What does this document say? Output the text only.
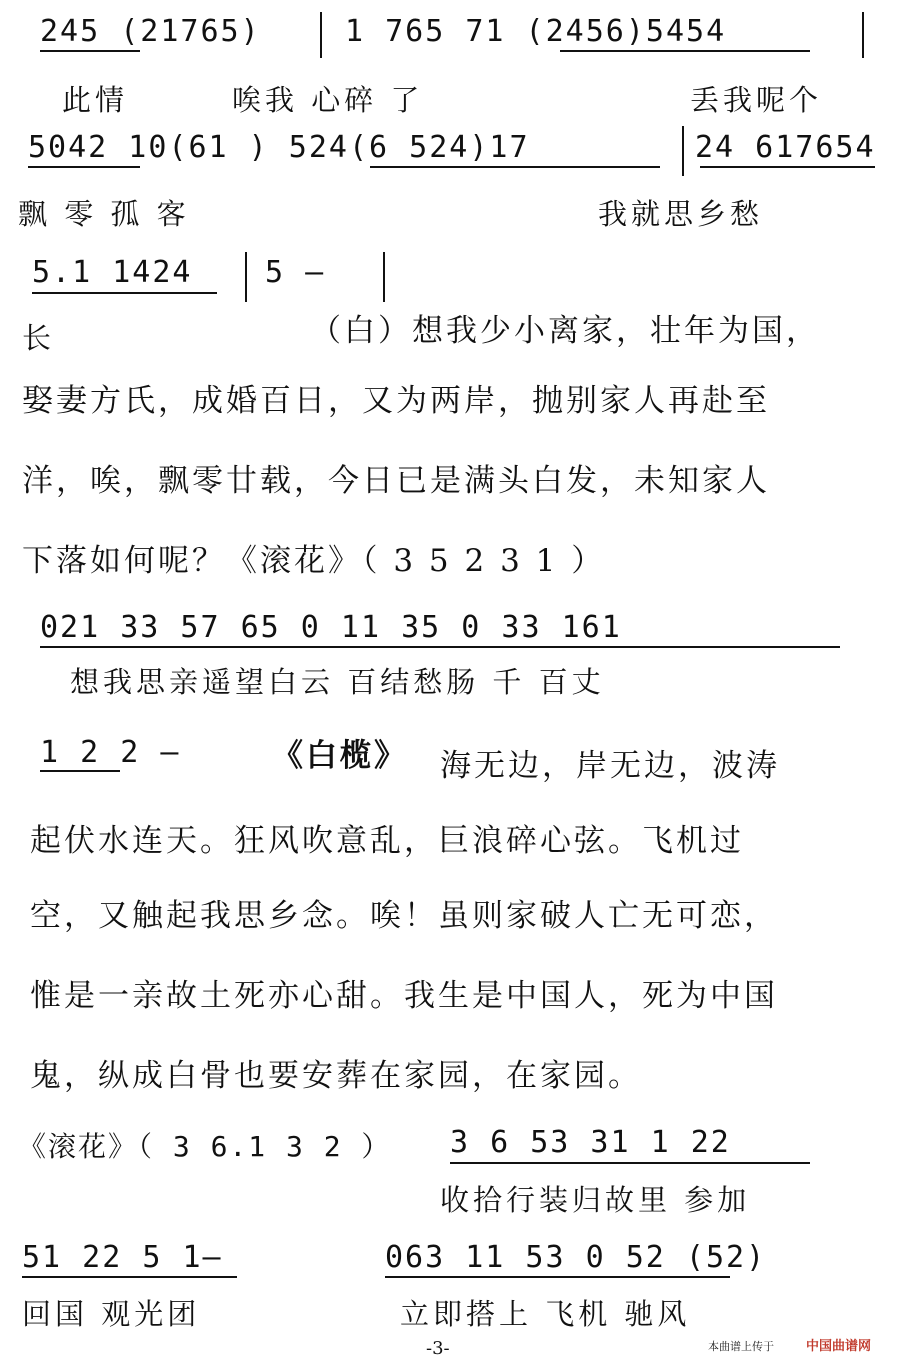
245 (21765)	1 765 71 (2456)5454
此情	唉我 心碎 了	丢我呢个
5042 10(61 ) 524(6 524)17	24 617654
飘 零 孤 客	我就思乡愁
5.1 1424 5 —
长	（白）想我少小离家，壮年为国，
娶妻方氏，成婚百日，又为两岸，抛别家人再赴至
洋，唉，飘零廿载，今日已是满头白发，未知家人
下落如何呢？《滚花》（ 3 5 2 3 1 ）
021 33 57 65 0 11 35 0 33 161
想我思亲遥望白云 百结愁肠 千 百丈
1 2 2 —	《白榄》 海无边，岸无边，波涛
起伏水连天。狂风吹意乱，巨浪碎心弦。飞机过
空，又触起我思乡念。唉！虽则家破人亡无可恋，
惟是一亲故土死亦心甜。我生是中国人，死为中国
鬼，纵成白骨也要安葬在家园，在家园。
《滚花》（ 3 6.1 3 2 ） 3 6 53 31 1 22
收拾行装归故里 参加
51 22 5 1—	063 11 53 0 52 (52)
回国 观光团	立即搭上 飞机 驰风
本曲谱上传于 中国曲谱网
-3-
